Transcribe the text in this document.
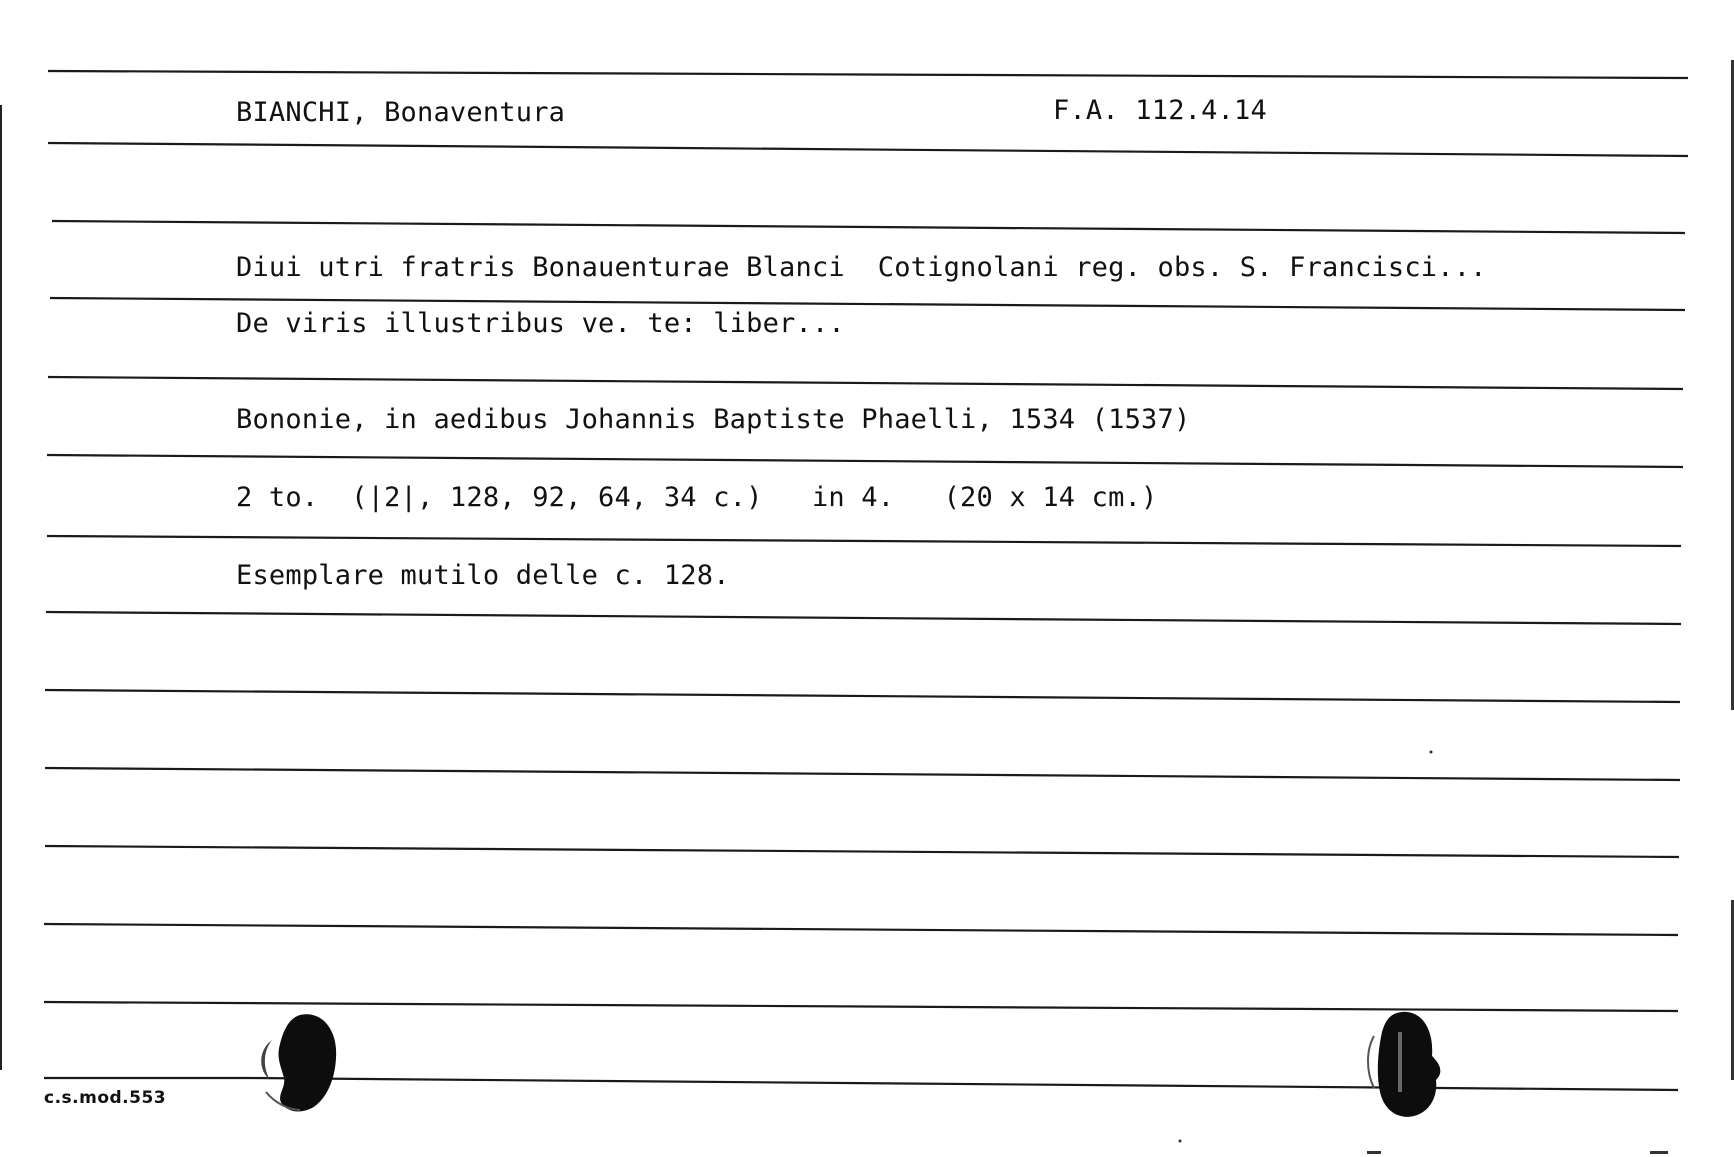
BIANCHI, Bonaventura	F.A. 112.4.14
Diui utri fratris Bonauenturae Blanci  Cotignolani reg. obs. S. Francisci...
De viris illustribus ve. te: liber...
Bononie, in aedibus Johannis Baptiste Phaelli, 1534 (1537)
2 to.  (|2|, 128, 92, 64, 34 c.)   in 4.   (20 x 14 cm.)
Esemplare mutilo delle c. 128.
c.s.mod.553
